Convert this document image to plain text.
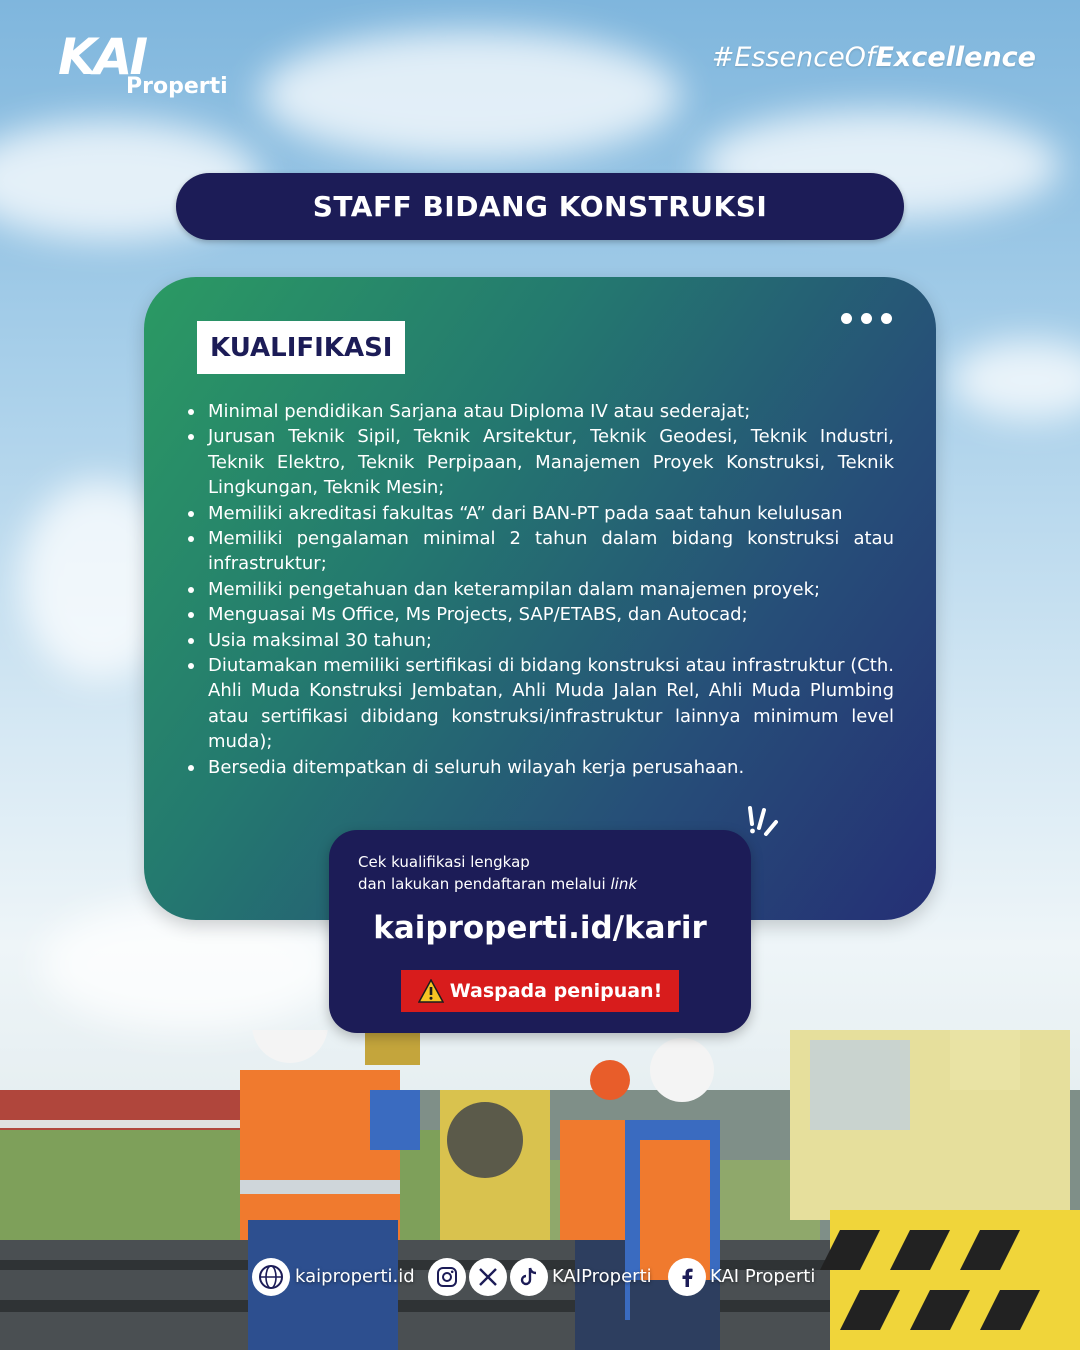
KAI
Properti
#EssenceOfExcellence
STAFF BIDANG KONSTRUKSI
KUALIFIKASI
Minimal pendidikan Sarjana atau Diploma IV atau sederajat;
Jurusan Teknik Sipil, Teknik Arsitektur, Teknik Geodesi, Teknik Industri, Teknik Elektro, Teknik Perpipaan, Manajemen Proyek Konstruksi, Teknik Lingkungan, Teknik Mesin;
Memiliki akreditasi fakultas “A” dari BAN-PT pada saat tahun kelulusan
Memiliki pengalaman minimal 2 tahun dalam bidang konstruksi atau infrastruktur;
Memiliki pengetahuan dan keterampilan dalam manajemen proyek;
Menguasai Ms Office, Ms Projects, SAP/ETABS, dan Autocad;
Usia maksimal 30 tahun;
Diutamakan memiliki sertifikasi di bidang konstruksi atau infrastruktur (Cth. Ahli Muda Konstruksi Jembatan, Ahli Muda Jalan Rel, Ahli Muda Plumbing atau sertifikasi dibidang konstruksi/infrastruktur lainnya minimum level muda);
Bersedia ditempatkan di seluruh wilayah kerja perusahaan.
Cek kualifikasi lengkap
dan lakukan pendaftaran melalui link
kaiproperti.id/karir
Waspada penipuan!
kaiproperti.id	KAIProperti	KAI Properti
